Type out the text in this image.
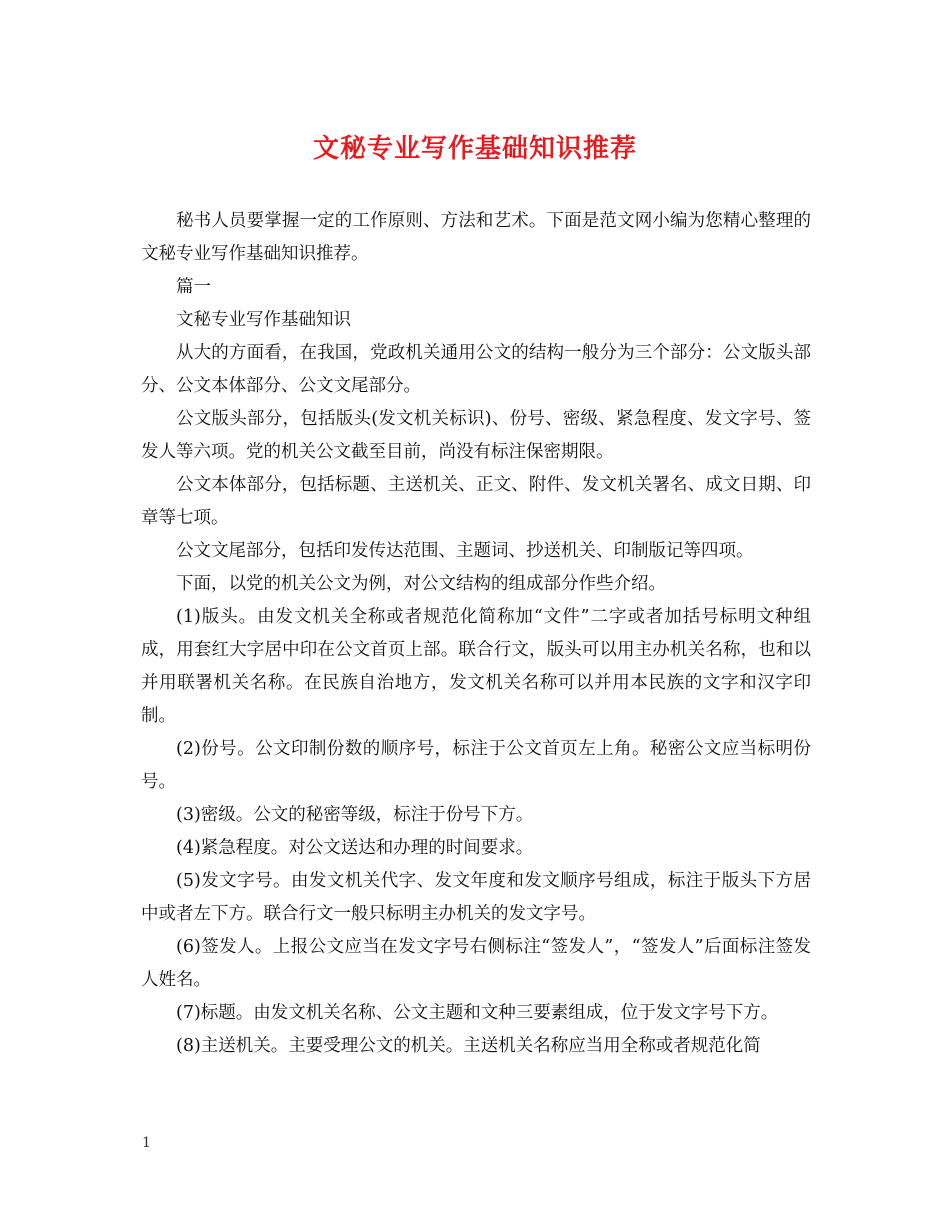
文秘专业写作基础知识推荐

秘书人员要掌握一定的工作原则、方法和艺术。下面是范文网小编为您精心整理的文秘专业写作基础知识推荐。

篇一

文秘专业写作基础知识

从大的方面看，在我国，党政机关通用公文的结构一般分为三个部分：公文版头部分、公文本体部分、公文文尾部分。

公文版头部分，包括版头(发文机关标识)、份号、密级、紧急程度、发文字号、签发人等六项。党的机关公文截至目前，尚没有标注保密期限。

公文本体部分，包括标题、主送机关、正文、附件、发文机关署名、成文日期、印章等七项。

公文文尾部分，包括印发传达范围、主题词、抄送机关、印制版记等四项。

下面，以党的机关公文为例，对公文结构的组成部分作些介绍。

(1)版头。由发文机关全称或者规范化简称加“文件”二字或者加括号标明文种组成，用套红大字居中印在公文首页上部。联合行文，版头可以用主办机关名称，也和以并用联署机关名称。在民族自治地方，发文机关名称可以并用本民族的文字和汉字印制。

(2)份号。公文印制份数的顺序号，标注于公文首页左上角。秘密公文应当标明份号。

(3)密级。公文的秘密等级，标注于份号下方。

(4)紧急程度。对公文送达和办理的时间要求。

(5)发文字号。由发文机关代字、发文年度和发文顺序号组成，标注于版头下方居中或者左下方。联合行文一般只标明主办机关的发文字号。

(6)签发人。上报公文应当在发文字号右侧标注“签发人”，“签发人”后面标注签发人姓名。

(7)标题。由发文机关名称、公文主题和文种三要素组成，位于发文字号下方。

(8)主送机关。主要受理公文的机关。主送机关名称应当用全称或者规范化简

1
